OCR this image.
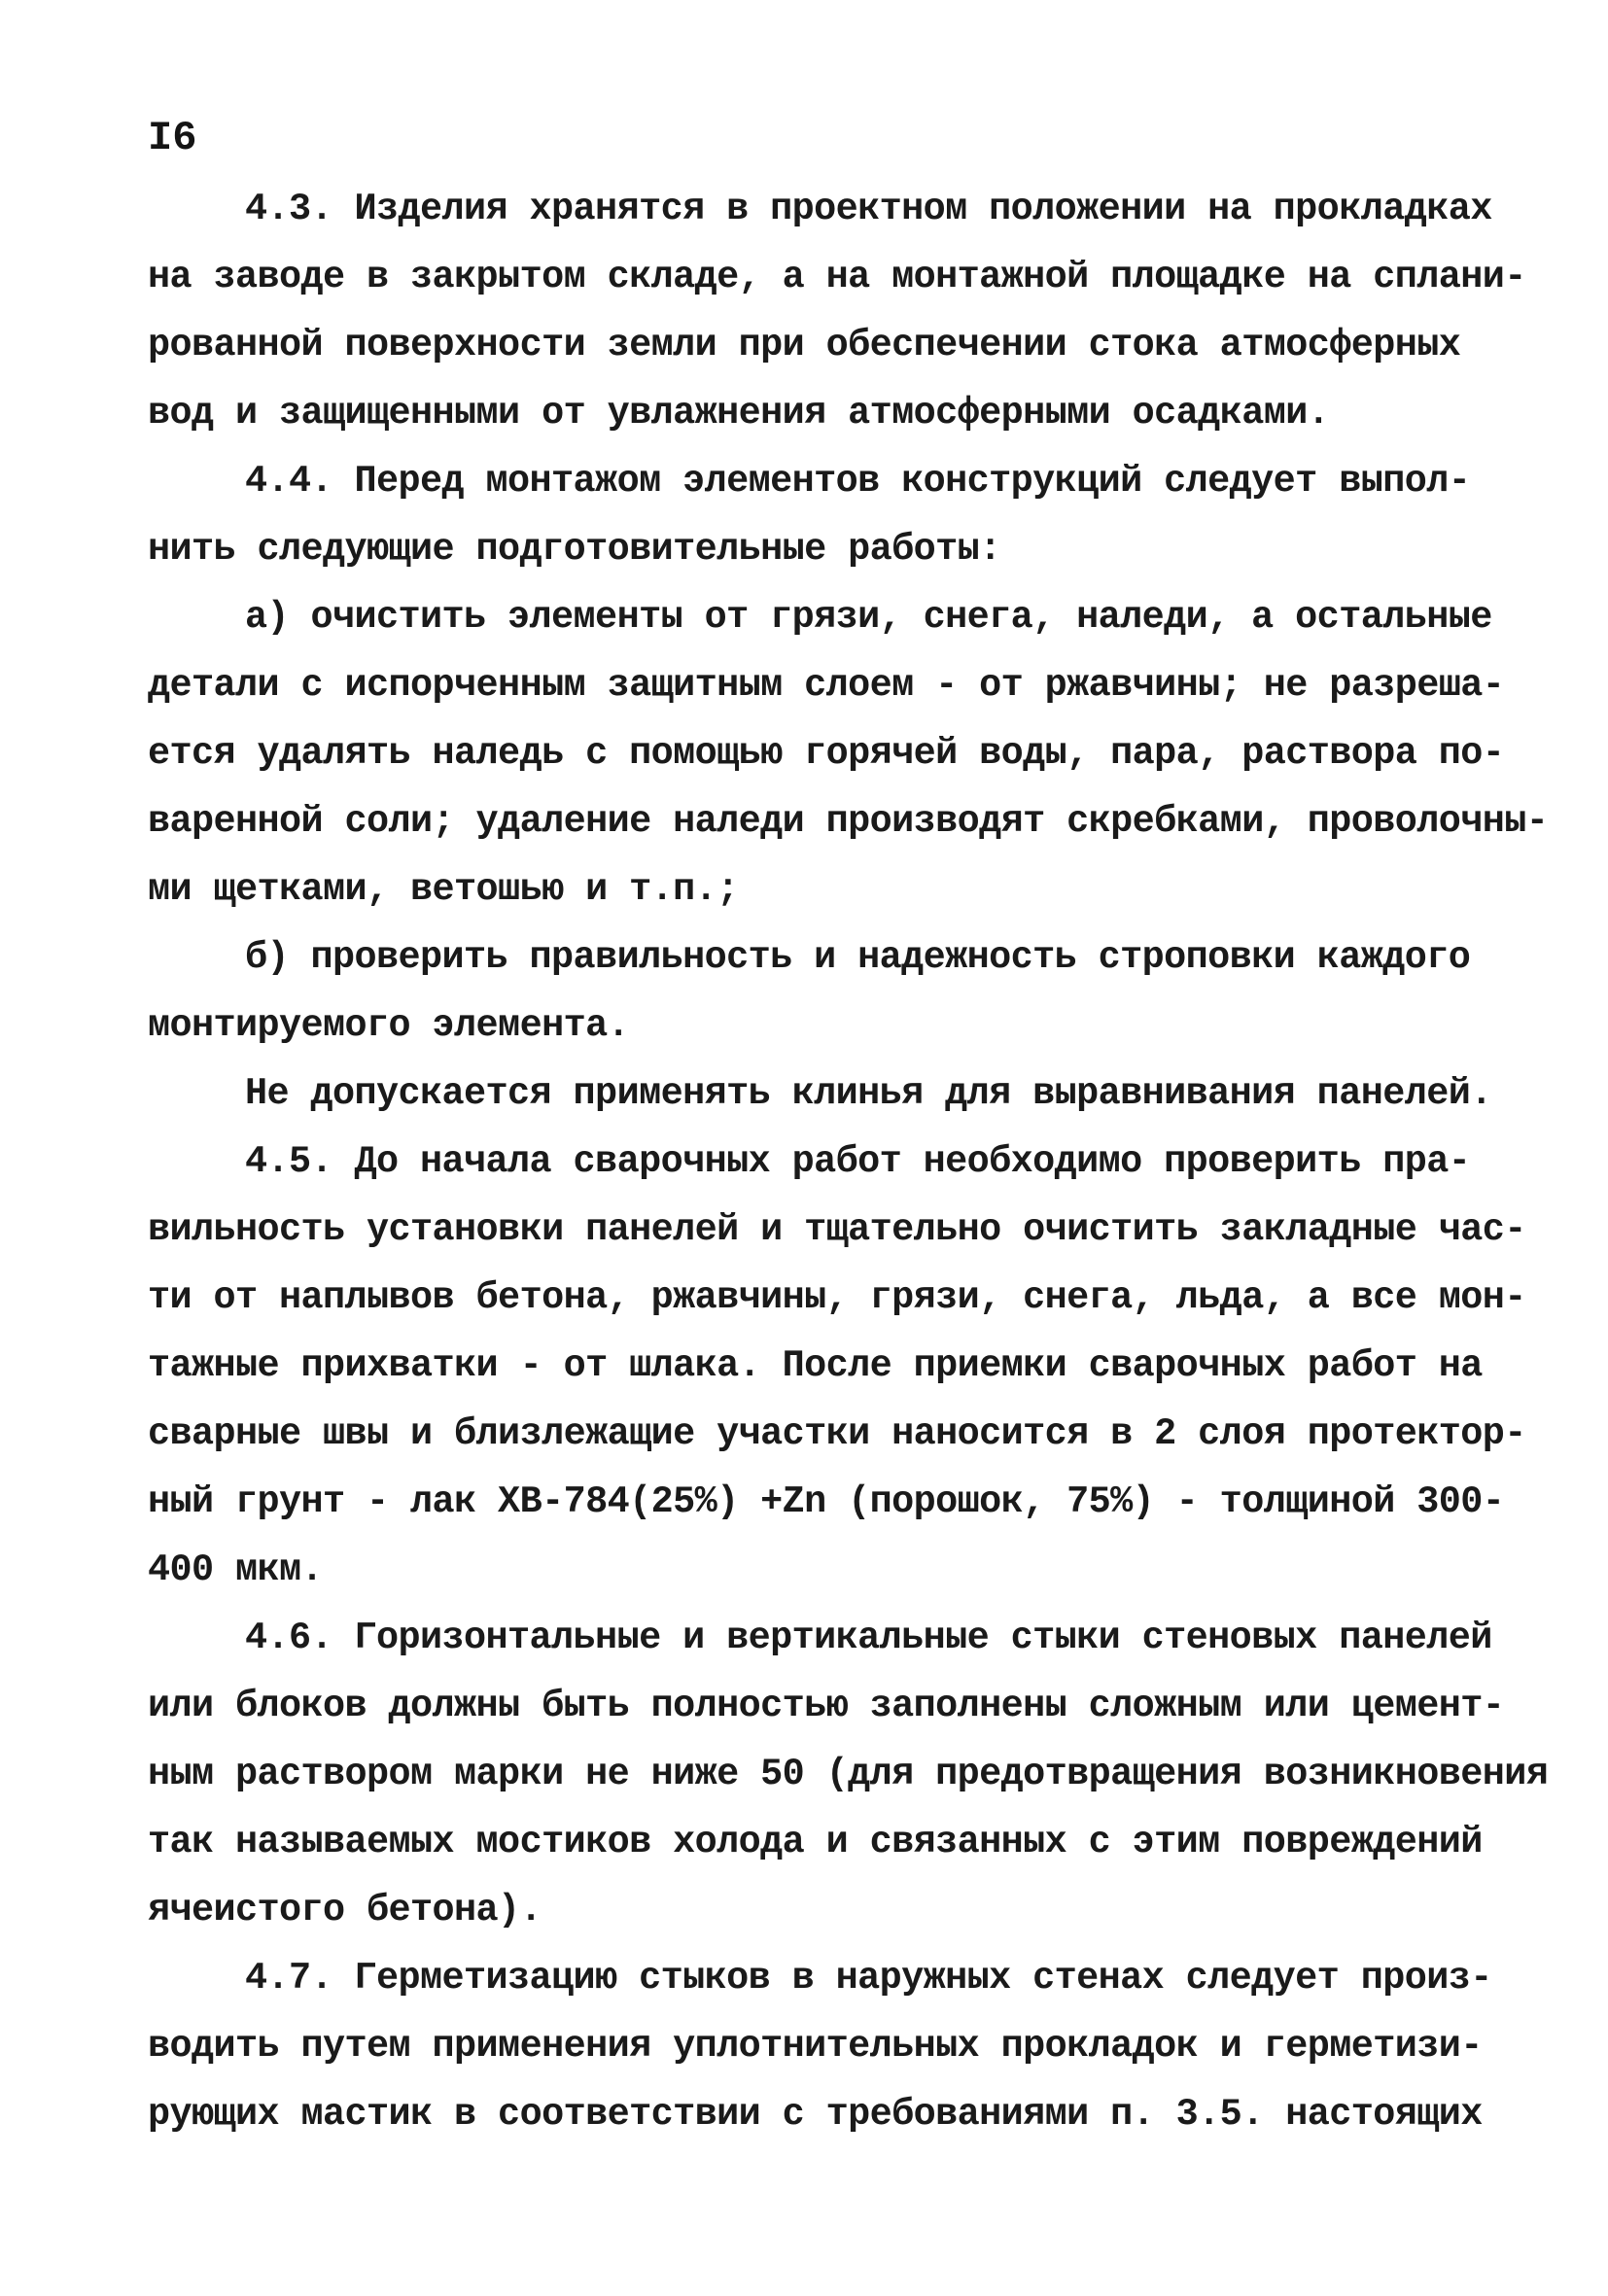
I6
4.3. Изделия хранятся в проектном положении на прокладках
на заводе в закрытом складе, а на монтажной площадке на сплани-
рованной поверхности земли при обеспечении стока атмосферных
вод и защищенными от увлажнения атмосферными осадками.
4.4. Перед монтажом элементов конструкций следует выпол-
нить следующие подготовительные работы:
а) очистить элементы от грязи, снега, наледи, а остальные
детали с испорченным защитным слоем - от ржавчины; не разреша-
ется удалять наледь с помощью горячей воды, пара, раствора по-
варенной соли; удаление наледи производят скребками, проволочны-
ми щетками, ветошью и т.п.;
б) проверить правильность и надежность строповки каждого
монтируемого элемента.
Не допускается применять клинья для выравнивания панелей.
4.5. До начала сварочных работ необходимо проверить пра-
вильность установки панелей и тщательно очистить закладные час-
ти от наплывов бетона, ржавчины, грязи, снега, льда, а все мон-
тажные прихватки - от шлака. После приемки сварочных работ на
сварные швы и близлежащие участки наносится в 2 слоя протектор-
ный грунт - лак ХВ-784(25%) +Zn (порошок, 75%) - толщиной 300-
400 мкм.
4.6. Горизонтальные и вертикальные стыки стеновых панелей
или блоков должны быть полностью заполнены сложным или цемент-
ным раствором марки не ниже 50 (для предотвращения возникновения
так называемых мостиков холода и связанных с этим повреждений
ячеистого бетона).
4.7. Герметизацию стыков в наружных стенах следует произ-
водить путем применения уплотнительных прокладок и герметизи-
рующих мастик в соответствии с требованиями п. 3.5. настоящих
